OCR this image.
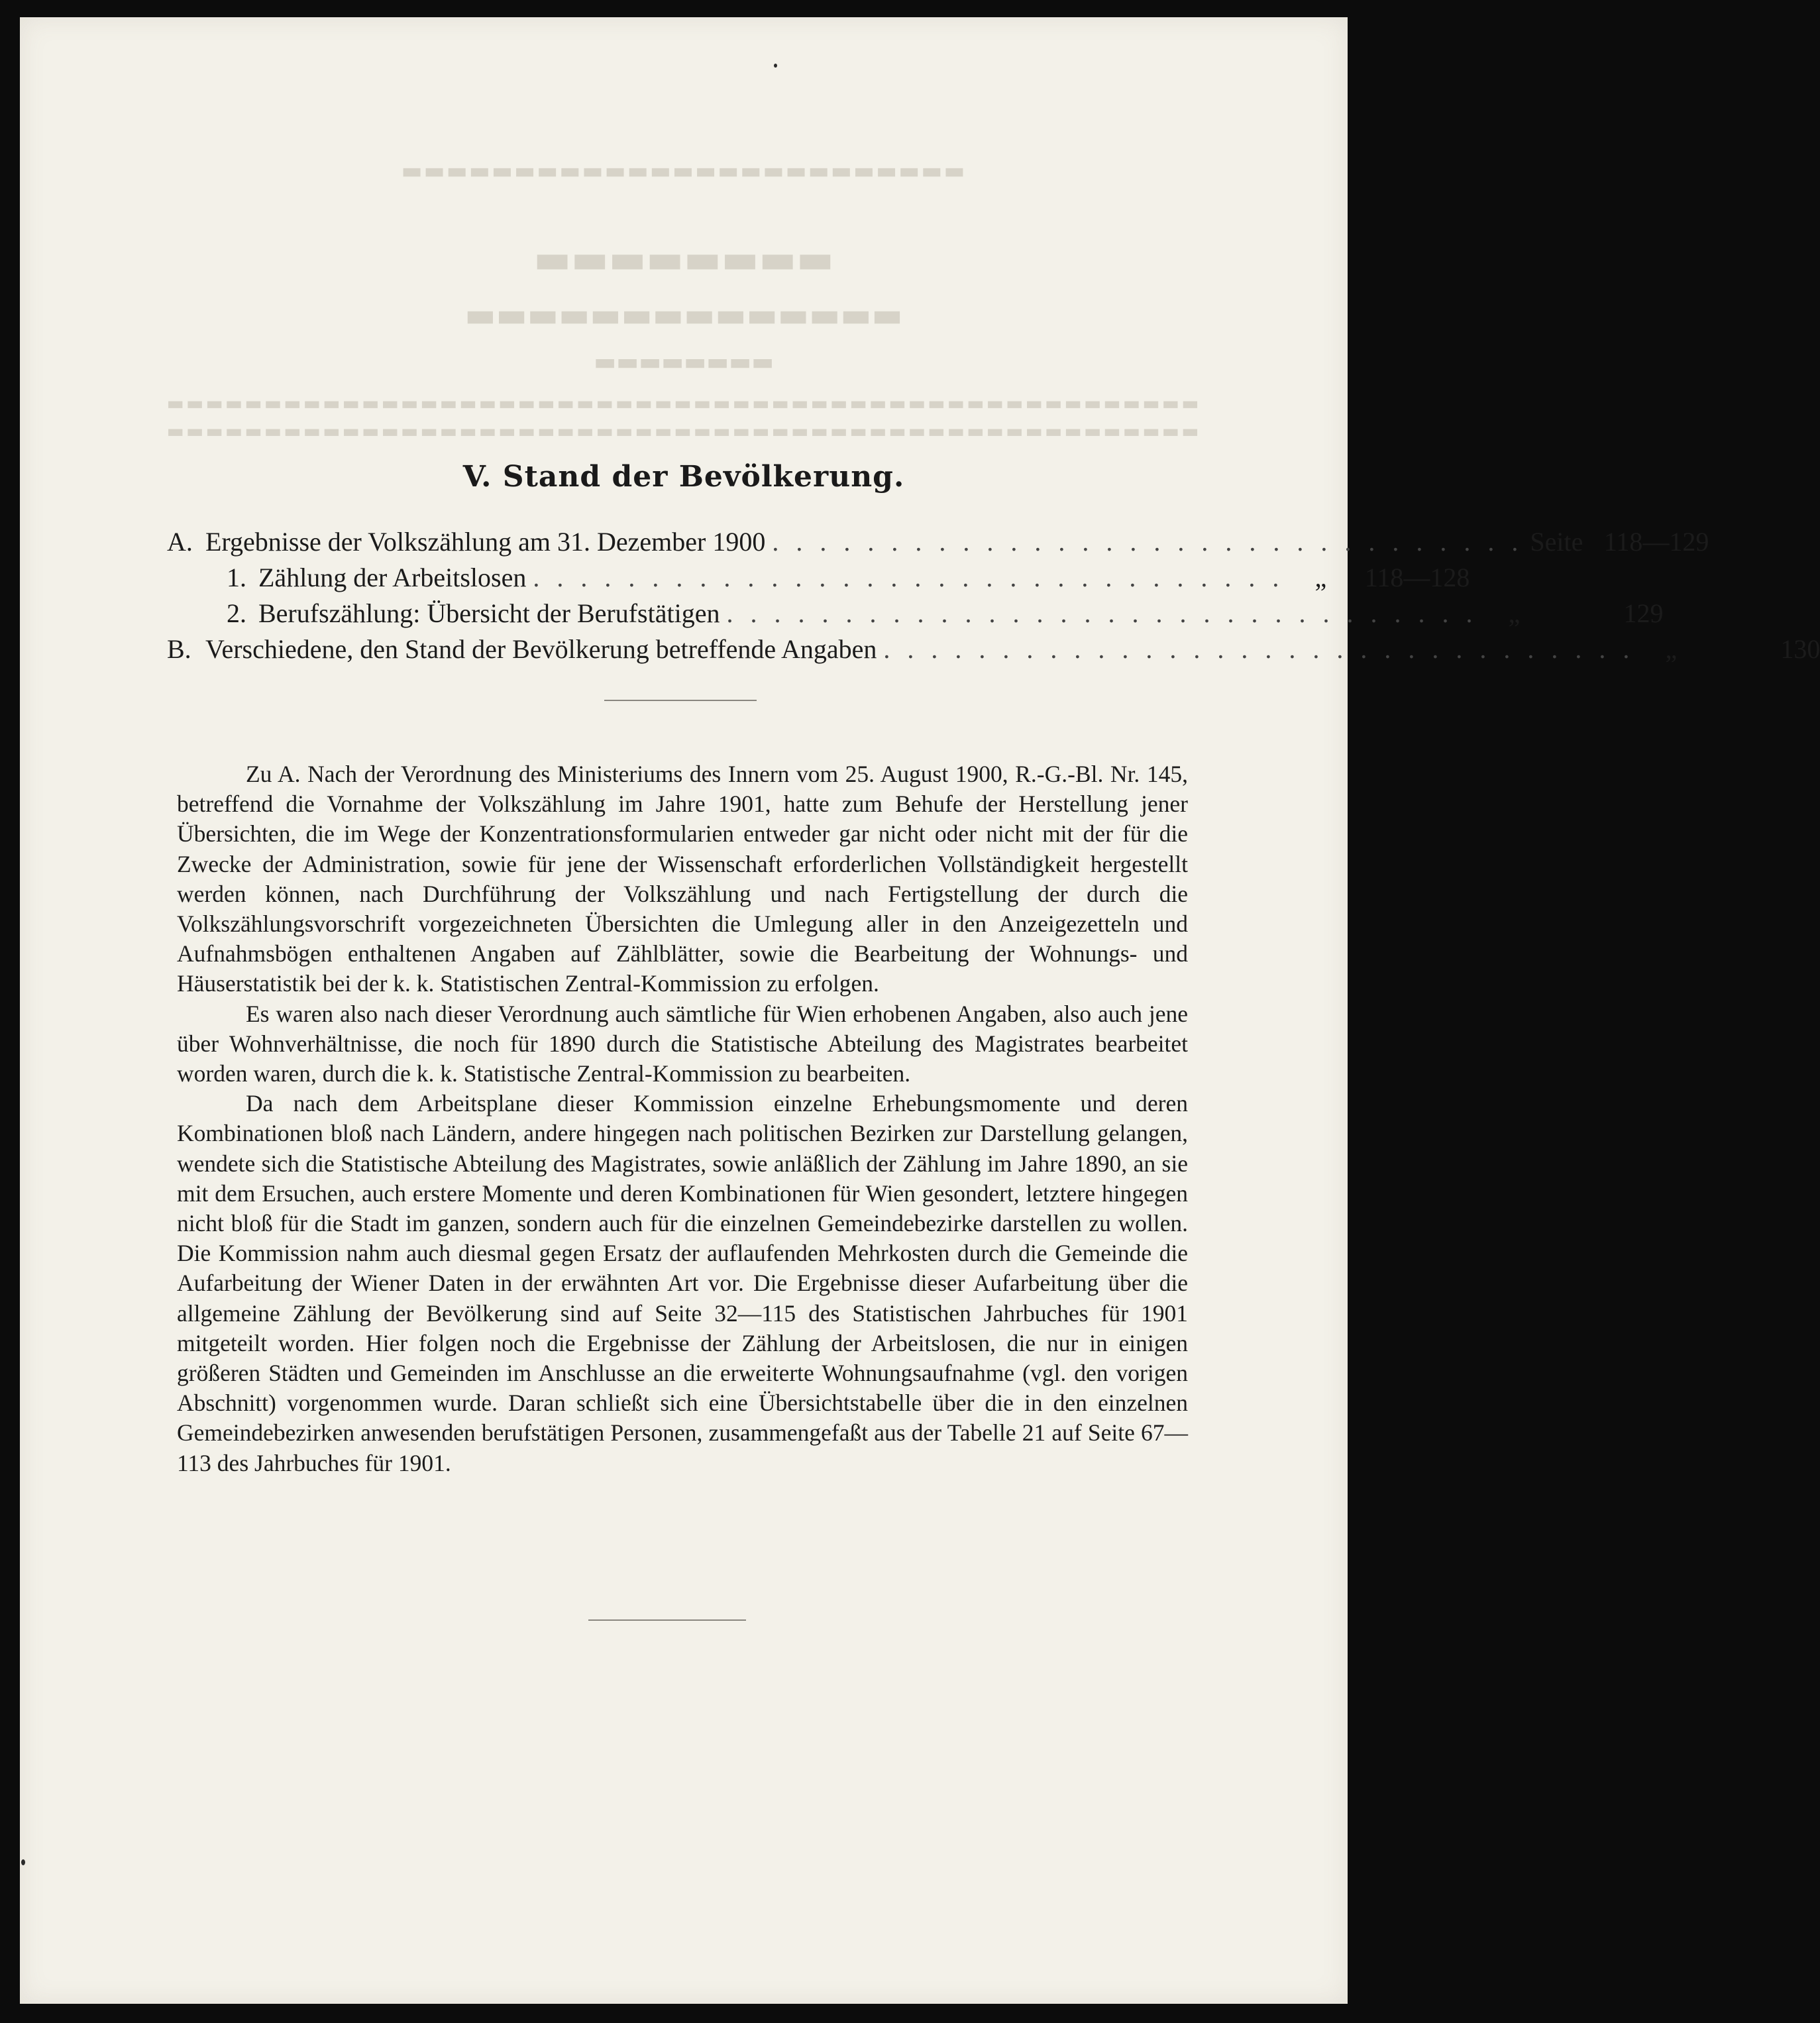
▬▬▬▬▬▬▬▬▬▬▬▬▬▬▬▬▬▬▬▬▬▬▬▬▬
▬▬▬▬▬▬▬▬
▬▬▬▬▬▬▬▬▬▬▬▬▬▬
▬▬▬▬▬▬▬▬
▬▬▬▬▬▬▬▬▬▬▬▬▬▬▬▬▬▬▬▬▬▬▬▬▬▬▬▬▬▬▬▬▬▬▬▬▬▬▬▬▬▬▬▬▬▬▬▬▬▬▬▬▬
▬▬▬▬▬▬▬▬▬▬▬▬▬▬▬▬▬▬▬▬▬▬▬▬▬▬▬▬▬▬▬▬▬▬▬▬▬▬▬▬▬▬▬▬▬▬▬▬▬▬▬▬▬
V. Stand der Bevölkerung.
A. Ergebnisse der Volkszählung am 31. Dezember 1900 . . . . . . . . . . . . . . . . . . . . . . . . . . . . . . . . Seite 118—129
1. Zählung der Arbeitslosen . . . . . . . . . . . . . . . . . . . . . . . . . . . . . . . .	„	118—128
2. Berufszählung: Übersicht der Berufstätigen . . . . . . . . . . . . . . . . . . . . . . . . . . . . . . . .	„	129
B. Verschiedene, den Stand der Bevölkerung betreffende Angaben . . . . . . . . . . . . . . . . . . . . . . . . . . . . . . . .	„	130

Zu A. Nach der Verordnung des Ministeriums des Innern vom 25. August 1900, R.-G.-Bl. Nr. 145, betreffend die Vornahme der Volkszählung im Jahre 1901, hatte zum Behufe der Herstellung jener Übersichten, die im Wege der Konzentrationsformularien entweder gar nicht oder nicht mit der für die Zwecke der Administration, sowie für jene der Wissenschaft erforderlichen Vollständigkeit hergestellt werden können, nach Durchführung der Volkszählung und nach Fertigstellung der durch die Volkszählungsvorschrift vorgezeichneten Übersichten die Umlegung aller in den Anzeigezetteln und Aufnahmsbögen enthaltenen Angaben auf Zählblätter, sowie die Bearbeitung der Wohnungs- und Häuserstatistik bei der k. k. Statistischen Zentral-Kommission zu erfolgen.

Es waren also nach dieser Verordnung auch sämtliche für Wien erhobenen Angaben, also auch jene über Wohnverhältnisse, die noch für 1890 durch die Statistische Abteilung des Magistrates bearbeitet worden waren, durch die k. k. Statistische Zentral-Kommission zu bearbeiten.

Da nach dem Arbeitsplane dieser Kommission einzelne Erhebungsmomente und deren Kombinationen bloß nach Ländern, andere hingegen nach politischen Bezirken zur Darstellung gelangen, wendete sich die Statistische Abteilung des Magistrates, sowie anläßlich der Zählung im Jahre 1890, an sie mit dem Ersuchen, auch erstere Momente und deren Kombinationen für Wien gesondert, letztere hingegen nicht bloß für die Stadt im ganzen, sondern auch für die einzelnen Gemeindebezirke darstellen zu wollen. Die Kommission nahm auch diesmal gegen Ersatz der auflaufenden Mehrkosten durch die Gemeinde die Aufarbeitung der Wiener Daten in der erwähnten Art vor. Die Ergebnisse dieser Aufarbeitung über die allgemeine Zählung der Bevölkerung sind auf Seite 32—115 des Statistischen Jahrbuches für 1901 mitgeteilt worden. Hier folgen noch die Ergebnisse der Zählung der Arbeitslosen, die nur in einigen größeren Städten und Gemeinden im Anschlusse an die erweiterte Wohnungsaufnahme (vgl. den vorigen Abschnitt) vorgenommen wurde. Daran schließt sich eine Übersichtstabelle über die in den einzelnen Gemeindebezirken anwesenden berufstätigen Personen, zusammengefaßt aus der Tabelle 21 auf Seite 67—113 des Jahrbuches für 1901.
